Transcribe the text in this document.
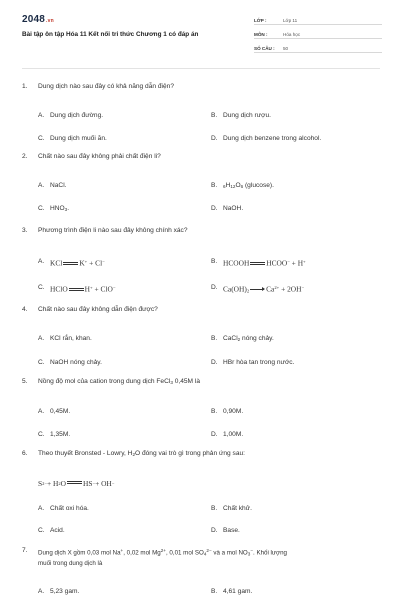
2048.vn
Bài tập ôn tập Hóa 11 Kết nối tri thức Chương 1 có đáp án
LỚP :	Lớp 11
MÔN :	Hóa học
SỐ CÂU :	50
1.	Dung dịch nào sau đây có khả năng dẫn điện?
A. Dung dịch đường.	B. Dung dịch rượu.
C. Dung dịch muối ăn.	D. Dung dịch benzene trong alcohol.
2.	Chất nào sau đây không phải chất điện li?
A. NaCl.	B.	$_6H_{12}O_6$ (glucose).
C. $HNO_3$.	D. NaOH.
3.	Phương trình điện li nào sau đây không chính xác?
A. KCl K+ + Cl−	B. HCOOH HCOO− + H+
C. HClO H+ + ClO−	D. $Ca(OH)_2$ $Ca^{2+} + 2OH^-$
4.	Chất nào sau đây không dẫn điện được?
A. KCl rắn, khan.	B. CaCl$_2$ nóng chảy.
C. NaOH nóng chảy.	D. HBr hòa tan trong nước.
5.	Nồng độ mol của cation trong dung dịch FeCl$_3$ 0,45M là
A. 0,45M.	B. 0,90M.
C. 1,35M.	D. 1,00M.
6.	Theo thuyết Bronsted - Lowry, $H_2O$ đóng vai trò gì trong phản ứng sau:
S 2− + H 2 O HS − + OH −
A. Chất oxi hóa.	B. Chất khử.
C. Acid.	D. Base.
7.	Dung dịch X gồm 0,03 mol Na+, 0,02 mol $Mg^{2+}$, 0,01 mol $SO_4^{2-}$ và a mol $NO_3^-$. Khối lượng
muối trong dung dịch là
A. 5,23 gam.	B. 4,61 gam.
